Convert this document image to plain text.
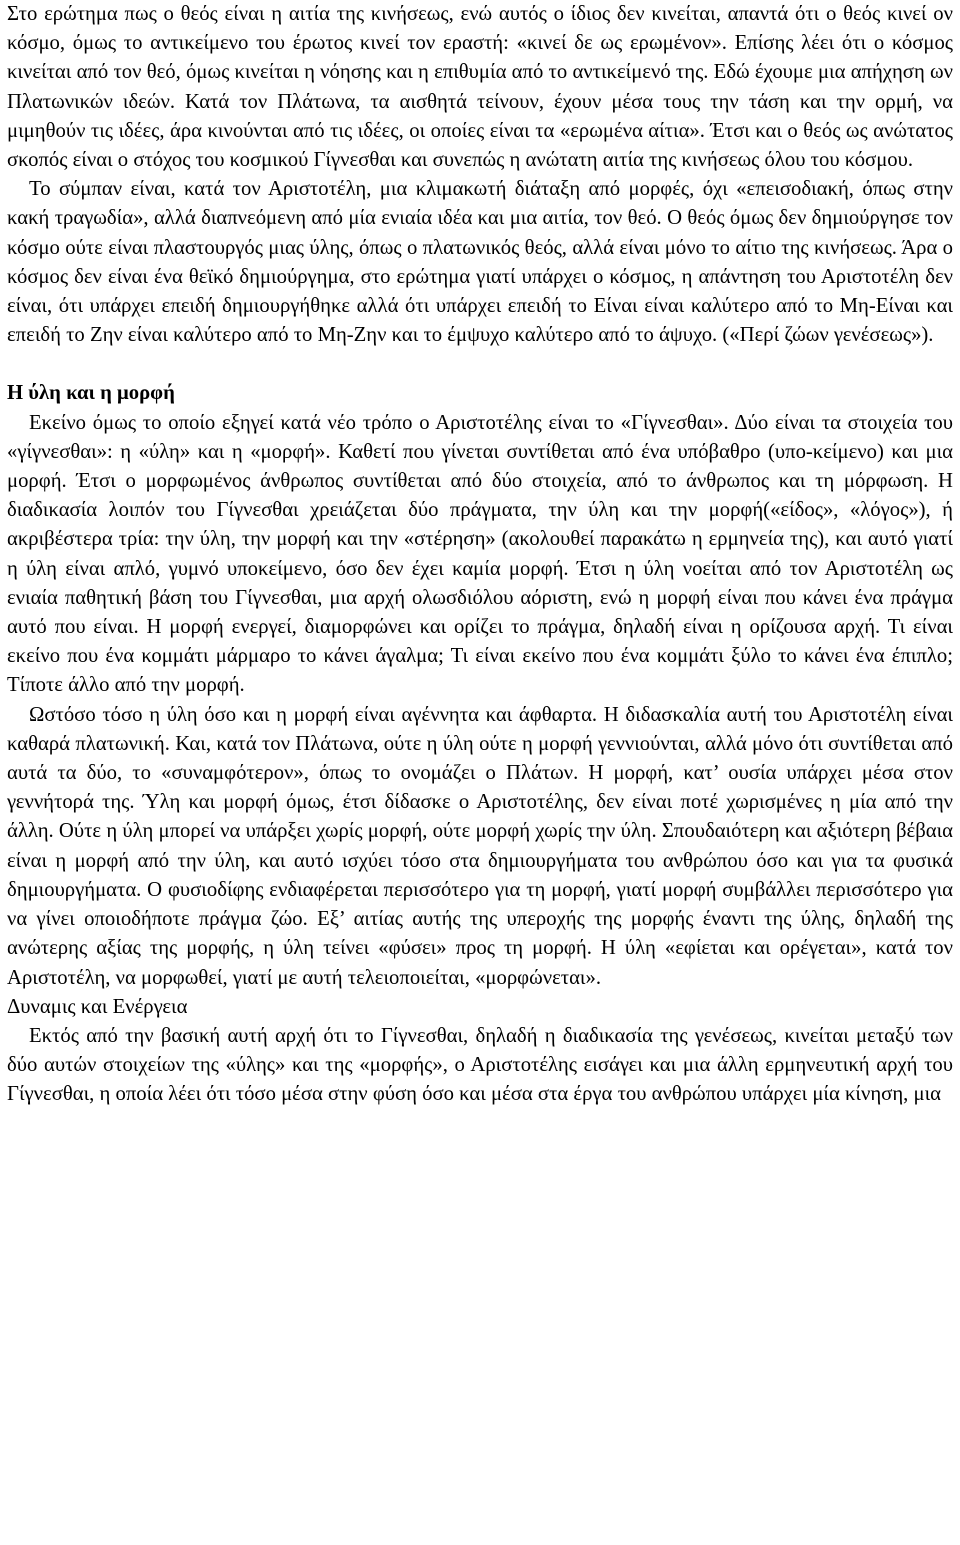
Στο ερώτημα πως ο θεός είναι η αιτία της κινήσεως, ενώ αυτός ο ίδιος δεν κινείται, απαντά ότι ο θεός κινεί ον κόσμο, όμως το αντικείμενο του έρωτος κινεί τον εραστή: «κινεί δε ως ερωμένον». Επίσης λέει ότι ο κόσμος κινείται από τον θεό, όμως κινείται η νόησης και η επιθυμία από το αντικείμενό της. Εδώ έχουμε μια απήχηση ων Πλατωνικών ιδεών. Κατά τον Πλάτωνα, τα αισθητά τείνουν, έχουν μέσα τους την τάση και την ορμή, να μιμηθούν τις ιδέες, άρα κινούνται από τις ιδέες, οι οποίες είναι τα «ερωμένα αίτια». Έτσι και ο θεός ως ανώτατος σκοπός είναι ο στόχος του κοσμικού Γίγνεσθαι και συνεπώς η ανώτατη αιτία της κινήσεως όλου του κόσμου.

Το σύμπαν είναι, κατά τον Αριστοτέλη, μια κλιμακωτή διάταξη από μορφές, όχι «επεισοδιακή, όπως στην κακή τραγωδία», αλλά διαπνεόμενη από μία ενιαία ιδέα και μια αιτία, τον θεό. Ο θεός όμως δεν δημιούργησε τον κόσμο ούτε είναι πλαστουργός μιας ύλης, όπως ο πλατωνικός θεός, αλλά είναι μόνο το αίτιο της κινήσεως. Άρα ο κόσμος δεν είναι ένα θεϊκό δημιούργημα, στο ερώτημα γιατί υπάρχει ο κόσμος, η απάντηση του Αριστοτέλη δεν είναι, ότι υπάρχει επειδή δημιουργήθηκε αλλά ότι υπάρχει επειδή το Είναι είναι καλύτερο από το Μη-Είναι και επειδή το Ζην είναι καλύτερο από το Μη-Ζην και το έμψυχο καλύτερο από το άψυχο. («Περί ζώων γενέσεως»).

Η ύλη και η μορφή

Εκείνο όμως το οποίο εξηγεί κατά νέο τρόπο ο Αριστοτέλης είναι το «Γίγνεσθαι». Δύο είναι τα στοιχεία του «γίγνεσθαι»: η «ύλη» και η «μορφή». Καθετί που γίνεται συντίθεται από ένα υπόβαθρο (υπο-κείμενο) και μια μορφή. Έτσι ο μορφωμένος άνθρωπος συντίθεται από δύο στοιχεία, από το άνθρωπος και τη μόρφωση. Η διαδικασία λοιπόν του Γίγνεσθαι χρειάζεται δύο πράγματα, την ύλη και την μορφή(«είδος», «λόγος»), ή ακριβέστερα τρία: την ύλη, την μορφή και την «στέρηση» (ακολουθεί παρακάτω η ερμηνεία της), και αυτό γιατί η ύλη είναι απλό, γυμνό υποκείμενο, όσο δεν έχει καμία μορφή. Έτσι η ύλη νοείται από τον Αριστοτέλη ως ενιαία παθητική βάση του Γίγνεσθαι, μια αρχή ολωσδιόλου αόριστη, ενώ η μορφή είναι που κάνει ένα πράγμα αυτό που είναι. Η μορφή ενεργεί, διαμορφώνει και ορίζει το πράγμα, δηλαδή είναι η ορίζουσα αρχή. Τι είναι εκείνο που ένα κομμάτι μάρμαρο το κάνει άγαλμα; Τι είναι εκείνο που ένα κομμάτι ξύλο το κάνει ένα έπιπλο; Τίποτε άλλο από την μορφή.

Ωστόσο τόσο η ύλη όσο και η μορφή είναι αγέννητα και άφθαρτα. Η διδασκαλία αυτή του Αριστοτέλη είναι καθαρά πλατωνική. Και, κατά τον Πλάτωνα, ούτε η ύλη ούτε η μορφή γεννιούνται, αλλά μόνο ότι συντίθεται από αυτά τα δύο, το «συναμφότερον», όπως το ονομάζει ο Πλάτων. Η μορφή, κατ’ ουσία υπάρχει μέσα στον γεννήτορά της. Ύλη και μορφή όμως, έτσι δίδασκε ο Αριστοτέλης, δεν είναι ποτέ χωρισμένες η μία από την άλλη. Ούτε η ύλη μπορεί να υπάρξει χωρίς μορφή, ούτε μορφή χωρίς την ύλη. Σπουδαιότερη και αξιότερη βέβαια είναι η μορφή από την ύλη, και αυτό ισχύει τόσο στα δημιουργήματα του ανθρώπου όσο και για τα φυσικά δημιουργήματα. Ο φυσιοδίφης ενδιαφέρεται περισσότερο για τη μορφή, γιατί μορφή συμβάλλει περισσότερο για να γίνει οποιοδήποτε πράγμα ζώο. Εξ’ αιτίας αυτής της υπεροχής της μορφής έναντι της ύλης, δηλαδή της ανώτερης αξίας της μορφής, η ύλη τείνει «φύσει» προς τη μορφή. Η ύλη «εφίεται και ορέγεται», κατά τον Αριστοτέλη, να μορφωθεί, γιατί με αυτή τελειοποιείται, «μορφώνεται».

Δυναμις και Ενέργεια

Εκτός από την βασική αυτή αρχή ότι το Γίγνεσθαι, δηλαδή η διαδικασία της γενέσεως, κινείται μεταξύ των δύο αυτών στοιχείων της «ύλης» και της «μορφής», ο Αριστοτέλης εισάγει και μια άλλη ερμηνευτική αρχή του Γίγνεσθαι, η οποία λέει ότι τόσο μέσα στην φύση όσο και μέσα στα έργα του ανθρώπου υπάρχει μία κίνηση, μια
